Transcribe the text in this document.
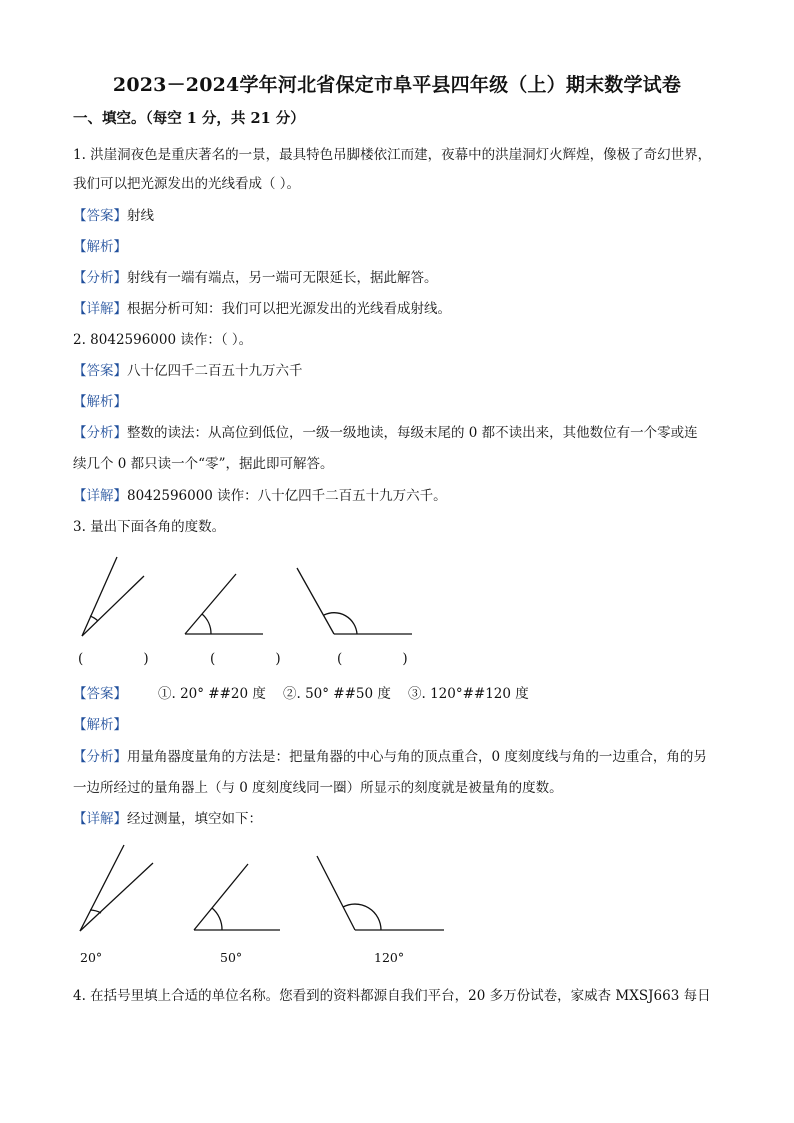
2023－2024学年河北省保定市阜平县四年级（上）期末数学试卷
一、填空。（每空 1 分，共 21 分）
1. 洪崖洞夜色是重庆著名的一景，最具特色吊脚楼依江而建，夜幕中的洪崖洞灯火辉煌，像极了奇幻世界，
我们可以把光源发出的光线看成（ ）。
【答案】射线
【解析】
【分析】射线有一端有端点，另一端可无限延长，据此解答。
【详解】根据分析可知：我们可以把光源发出的光线看成射线。
2. 8042596000 读作：（ ）。
【答案】八十亿四千二百五十九万六千
【解析】
【分析】整数的读法：从高位到低位，一级一级地读，每级末尾的 0 都不读出来，其他数位有一个零或连
续几个 0 都只读一个“零”，据此即可解答。
【详解】8042596000 读作：八十亿四千二百五十九万六千。
3. 量出下面各角的度数。
(              )	(              )	(              )
【答案】 ①. 20° ##20 度 ②. 50° ##50 度 ③. 120°##120 度
【解析】
【分析】用量角器度量角的方法是：把量角器的中心与角的顶点重合，0 度刻度线与角的一边重合，角的另
一边所经过的量角器上（与 0 度刻度线同一圈）所显示的刻度就是被量角的度数。
【详解】经过测量，填空如下：
20°	50°	120°
4. 在括号里填上合适的单位名称。您看到的资料都源自我们平台，20 多万份试卷，家威杏 MXSJ663 每日
